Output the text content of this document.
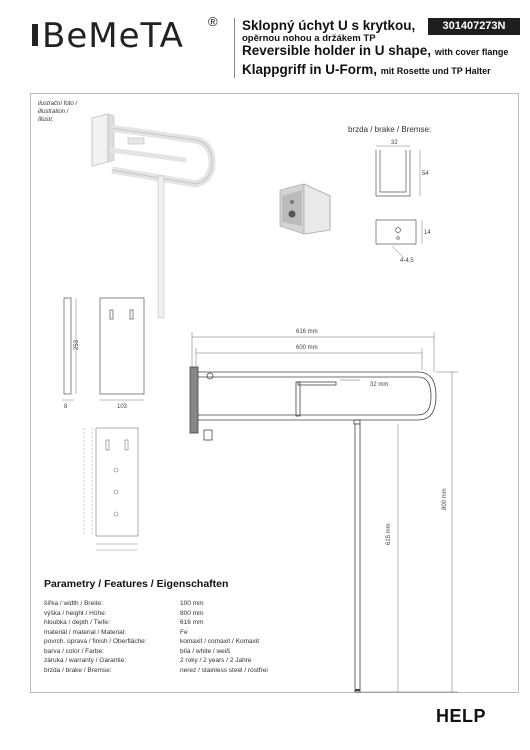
BeMeTA ® Sklopný úchyt U s krytkou,
opěrnou nohou a držákem TP
Reversible holder in U shape, with cover flange
Klappgriff in U-Form, mit Rosette und TP Halter
301407273N
ilustrační foto /
illustration /
Illustr.
brzda / brake / Bremse:
32
54
14
4-4,5
253
8	103
616 mm
600 mm
32 mm
615 mm
800 mm
Parametry / Features / Eigenschaften
šířka / width / Breite:	100 mm
výška / height / Höhe:	800 mm
hloubka / depth / Tiefe:	616 mm
materiál / material / Material:	Fe
povrch. úprava / finish / Oberfläche:	komaxit / comaxit / Komaxit
barva / color / Farbe:	bílá / white / weiß
záruka / warranty / Garantie:	2 roky / 2 years / 2 Jahre
brzda / brake / Bremse:	nerez / stainless steel / rostfrei
HELP
